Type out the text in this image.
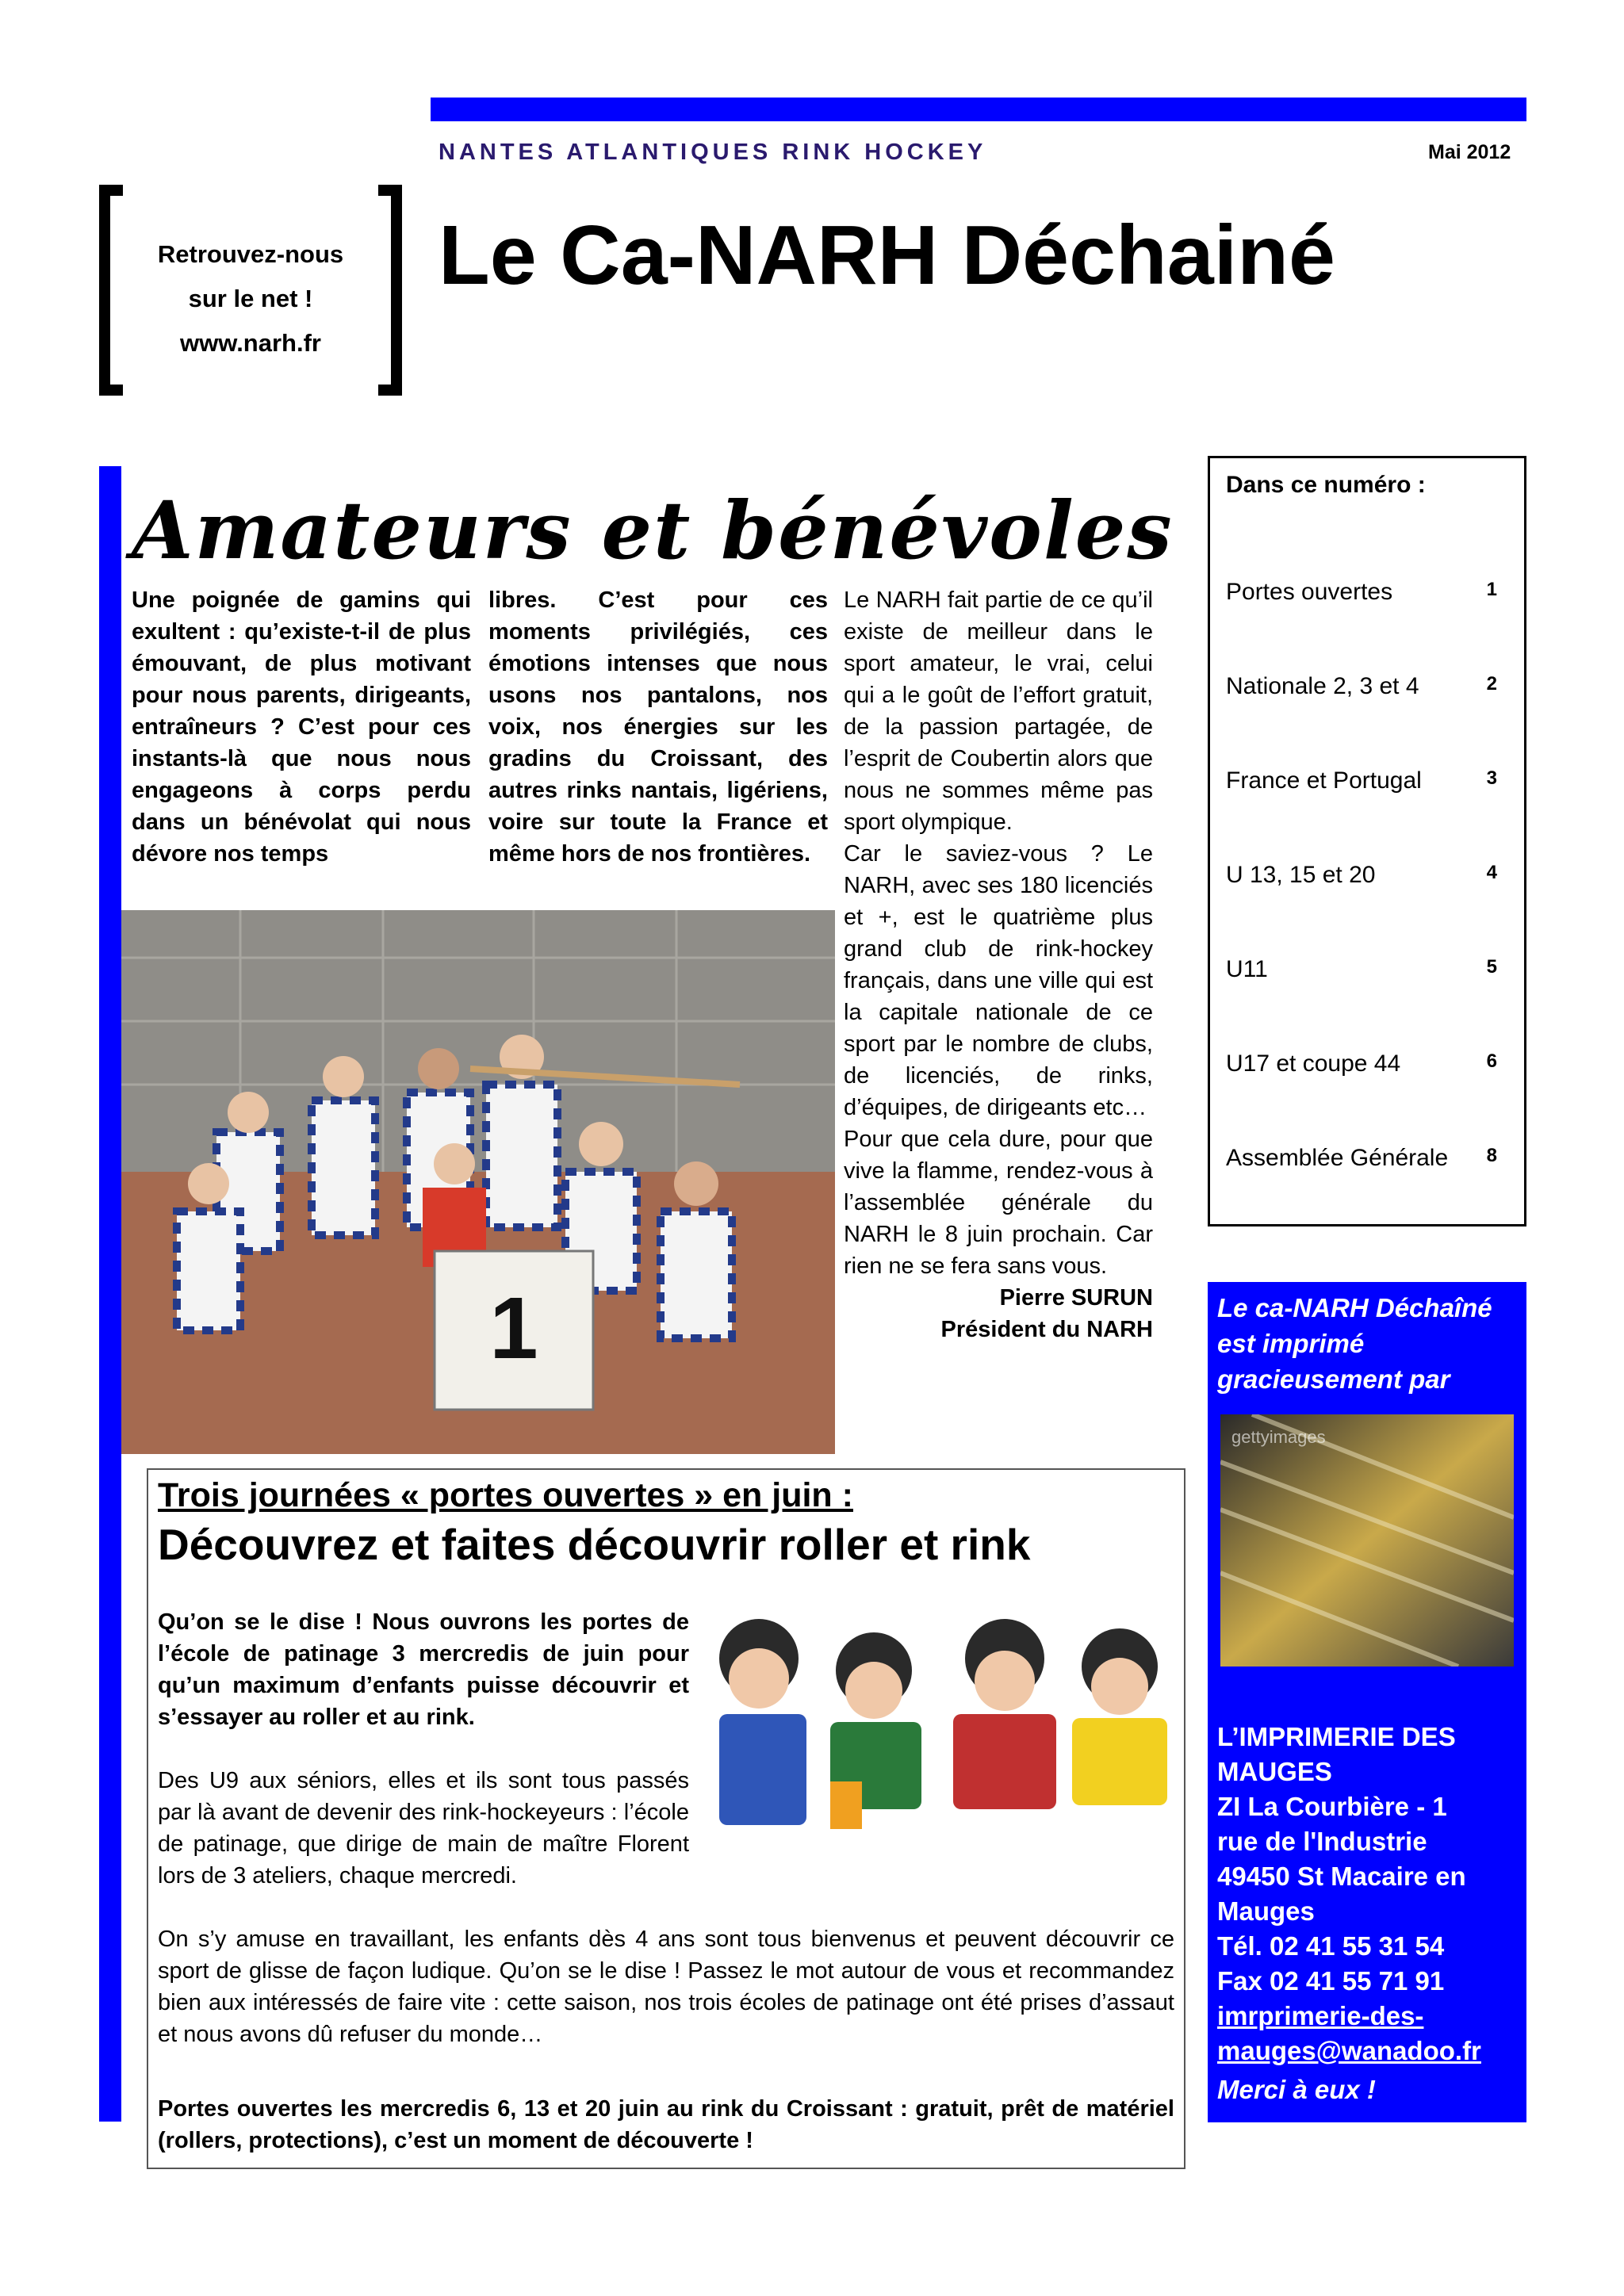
NANTES ATLANTIQUES RINK HOCKEY	Mai 2012
Retrouvez-nous
sur le net !
www.narh.fr
Le Ca-NARH Déchainé
Amateurs et bénévoles
Une poignée de gamins qui exultent : qu’existe-t-il de plus émouvant, de plus motivant pour nous parents, dirigeants, entraîneurs ? C’est pour ces instants-là que nous nous engageons à corps perdu dans un bénévolat qui nous dévore nos temps
libres. C’est pour ces moments privilégiés, ces émotions intenses que nous usons nos pantalons, nos voix, nos énergies sur les gradins du Croissant, des autres rinks nantais, ligériens, voire sur toute la France et même hors de nos frontières.

Le NARH fait partie de ce qu’il existe de meilleur dans le sport amateur, le vrai, celui qui a le goût de l’effort gratuit, de la passion partagée, de l’esprit de Coubertin alors que nous ne sommes même pas sport olympique.

Car le saviez-vous ? Le NARH, avec ses 180 licenciés et +, est le quatrième plus grand club de rink-hockey français, dans une ville qui est la capitale nationale de ce sport par le nombre de clubs, de licenciés, de rinks, d’équipes, de dirigeants etc…

Pour que cela dure, pour que vive la flamme, rendez-vous à l’assemblée générale du NARH le 8 juin prochain. Car rien ne se fera sans vous.

Pierre SURUN

Président du NARH

1
Dans ce numéro :
Portes ouvertes	1
Nationale 2, 3 et 4	2
France et Portugal	3
U 13, 15 et 20	4
U11	5
U17 et coupe 44	6
Assemblée Générale 8
Le ca-NARH Déchaîné
est imprimé
gracieusement par
gettyimages
L’IMPRIMERIE DES
MAUGES
ZI La Courbière - 1
rue de l'Industrie
49450 St Macaire en
Mauges
Tél. 02 41 55 31 54
Fax 02 41 55 71 91
imrprimerie-des-
mauges@wanadoo.fr
Merci à eux !
Trois journées « portes ouvertes » en juin :
Découvrez et faites découvrir roller et rink
Qu’on se le dise ! Nous ouvrons les portes de l’école de patinage 3 mercredis de juin pour qu’un maximum d’enfants puisse découvrir et s’essayer au roller et au rink.
Des U9 aux séniors, elles et ils sont tous passés par là avant de devenir des rink-hockeyeurs : l’école de patinage, que dirige de main de maître Florent lors de 3 ateliers, chaque mercredi.
On s’y amuse en travaillant, les enfants dès 4 ans sont tous bienvenus et peuvent découvrir ce sport de glisse de façon ludique. Qu’on se le dise ! Passez le mot autour de vous et recommandez bien aux intéressés de faire vite : cette saison, nos trois écoles de patinage ont été prises d’assaut et nous avons dû refuser du monde…
Portes ouvertes les mercredis 6, 13 et 20 juin au rink du Croissant : gratuit, prêt de matériel (rollers, protections), c’est un moment de découverte !
